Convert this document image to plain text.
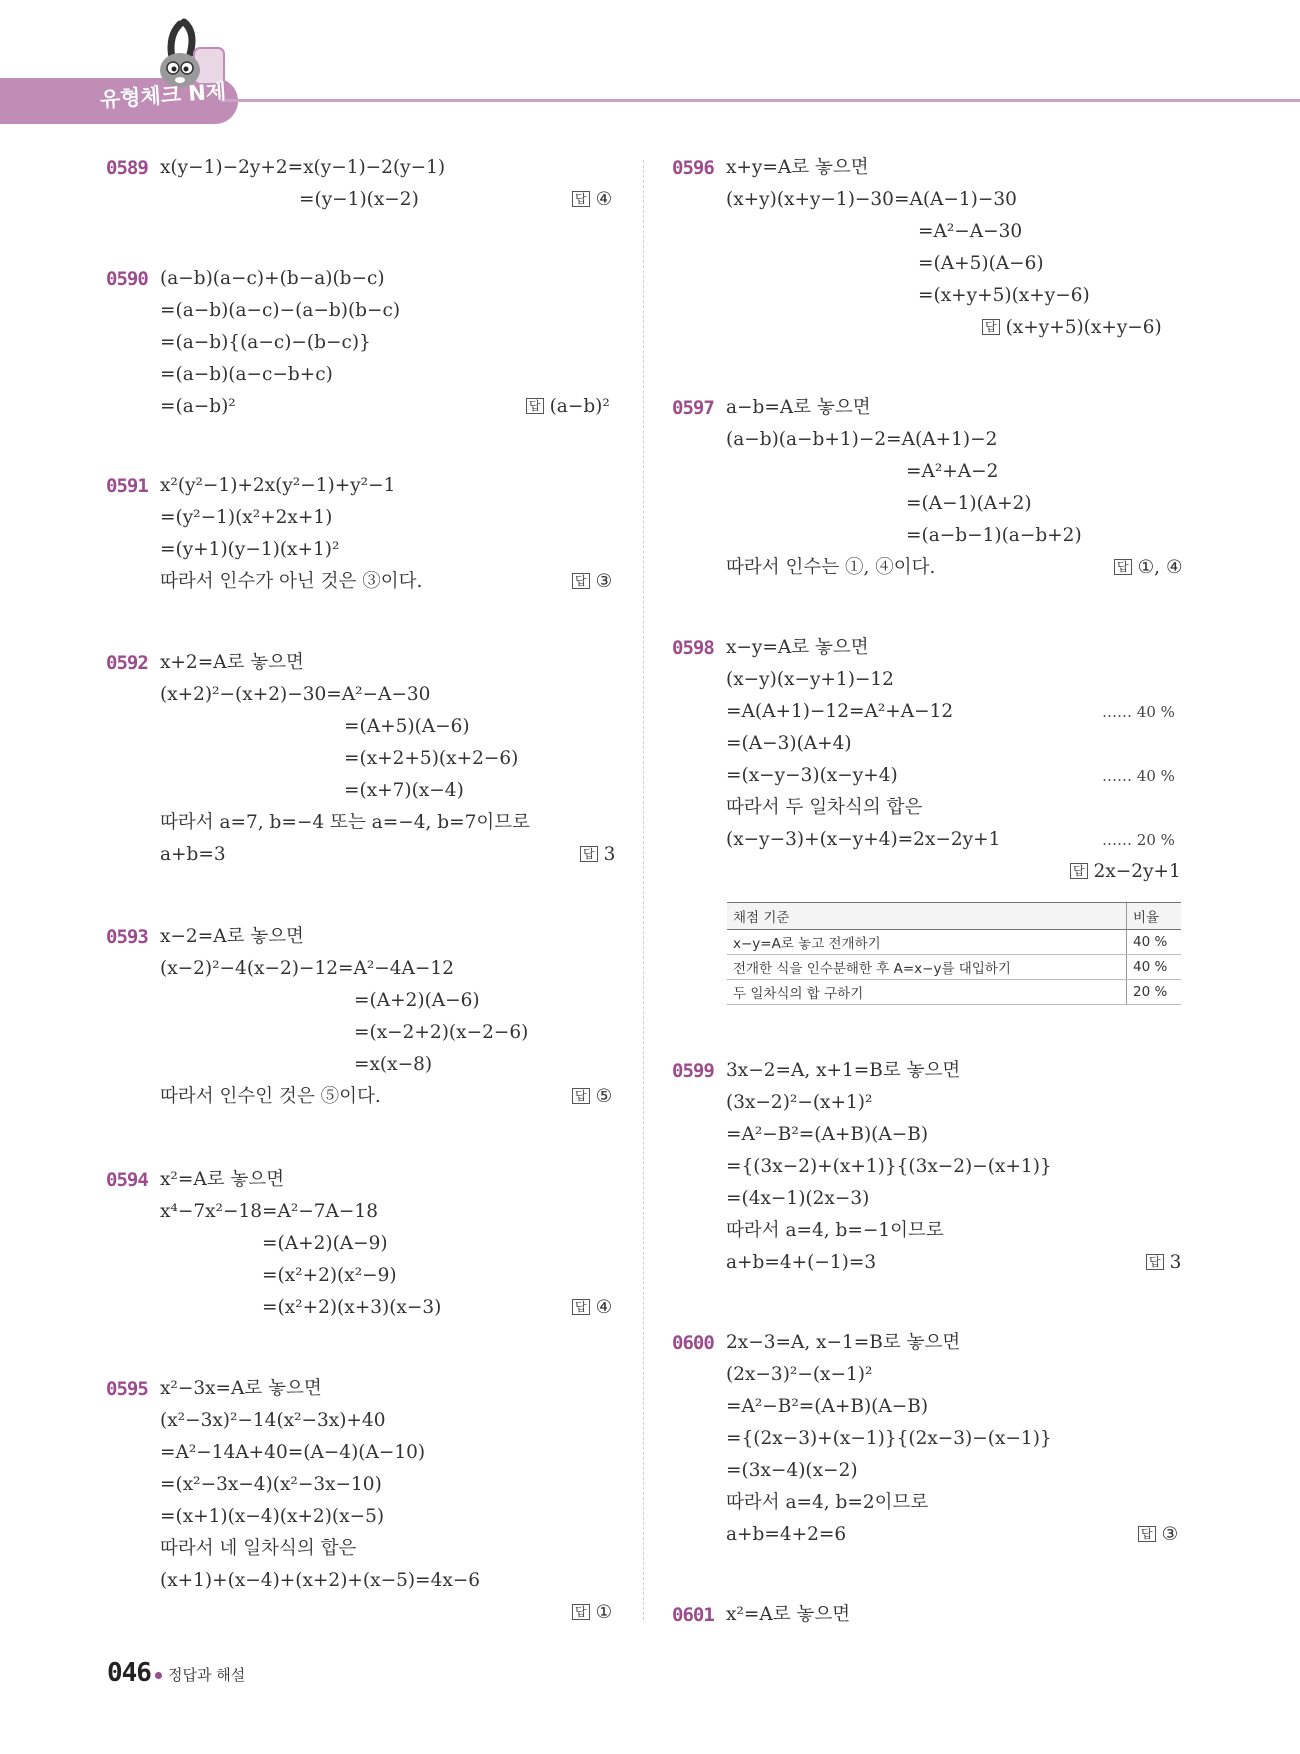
유형체크 N제
0589 x(y−1)−2y+2=x(y−1)−2(y−1)
=(y−1)(x−2)	답 ④
0590 (a−b)(a−c)+(b−a)(b−c)
=(a−b)(a−c)−(a−b)(b−c)
=(a−b){(a−c)−(b−c)}
=(a−b)(a−c−b+c)
=(a−b)²	답 (a−b)²
0591 x²(y²−1)+2x(y²−1)+y²−1
=(y²−1)(x²+2x+1)
=(y+1)(y−1)(x+1)²
따라서 인수가 아닌 것은 ③이다.	답 ③
0592 x+2=A로 놓으면
(x+2)²−(x+2)−30=A²−A−30
=(A+5)(A−6)
=(x+2+5)(x+2−6)
=(x+7)(x−4)
따라서 a=7, b=−4 또는 a=−4, b=7이므로
a+b=3	답 3
0593 x−2=A로 놓으면
(x−2)²−4(x−2)−12=A²−4A−12
=(A+2)(A−6)
=(x−2+2)(x−2−6)
=x(x−8)
따라서 인수인 것은 ⑤이다.	답 ⑤
0594 x²=A로 놓으면
x⁴−7x²−18=A²−7A−18
=(A+2)(A−9)
=(x²+2)(x²−9)
=(x²+2)(x+3)(x−3)	답 ④
0595 x²−3x=A로 놓으면
(x²−3x)²−14(x²−3x)+40
=A²−14A+40=(A−4)(A−10)
=(x²−3x−4)(x²−3x−10)
=(x+1)(x−4)(x+2)(x−5)
따라서 네 일차식의 합은
(x+1)+(x−4)+(x+2)+(x−5)=4x−6
답 ①
0596 x+y=A로 놓으면
(x+y)(x+y−1)−30=A(A−1)−30
=A²−A−30
=(A+5)(A−6)
=(x+y+5)(x+y−6)
답 (x+y+5)(x+y−6)
0597 a−b=A로 놓으면
(a−b)(a−b+1)−2=A(A+1)−2
=A²+A−2
=(A−1)(A+2)
=(a−b−1)(a−b+2)
따라서 인수는 ①, ④이다.	답 ①, ④
0598 x−y=A로 놓으면
(x−y)(x−y+1)−12
=A(A+1)−12=A²+A−12	…… 40 %
=(A−3)(A+4)
=(x−y−3)(x−y+4)	…… 40 %
따라서 두 일차식의 합은
(x−y−3)+(x−y+4)=2x−2y+1	…… 20 %
답 2x−2y+1
채점 기준	비율
x−y=A로 놓고 전개하기	40 %
전개한 식을 인수분해한 후 A=x−y를 대입하기	40 %
두 일차식의 합 구하기	20 %
0599 3x−2=A, x+1=B로 놓으면
(3x−2)²−(x+1)²
=A²−B²=(A+B)(A−B)
={(3x−2)+(x+1)}{(3x−2)−(x+1)}
=(4x−1)(2x−3)
따라서 a=4, b=−1이므로
a+b=4+(−1)=3	답 3
0600 2x−3=A, x−1=B로 놓으면
(2x−3)²−(x−1)²
=A²−B²=(A+B)(A−B)
={(2x−3)+(x−1)}{(2x−3)−(x−1)}
=(3x−4)(x−2)
따라서 a=4, b=2이므로
a+b=4+2=6	답 ③
0601 x²=A로 놓으면
046 정답과 해설
